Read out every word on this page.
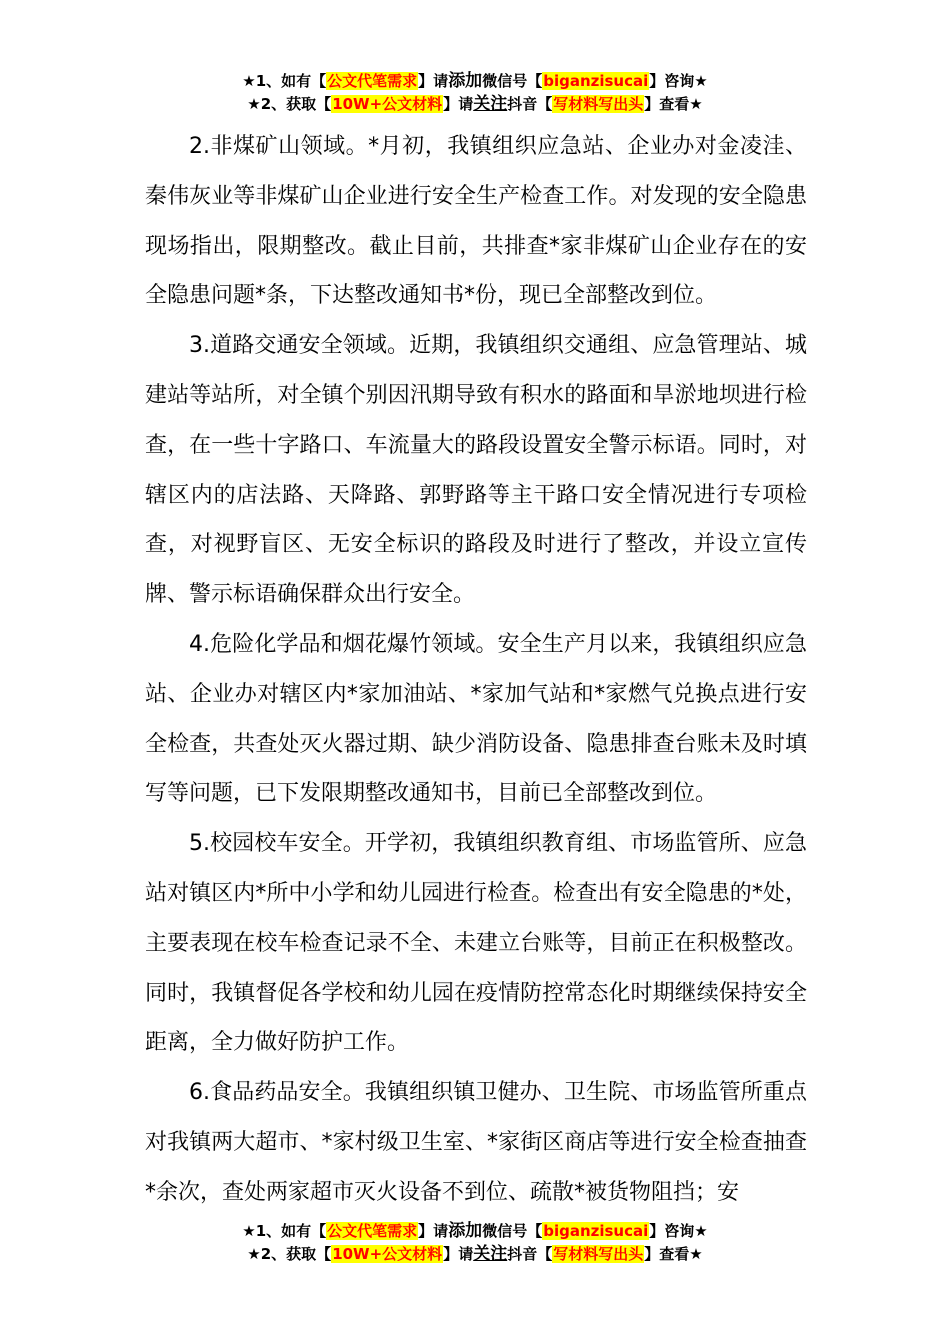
★1、如有【公文代笔需求】请添加微信号【biganzisucai】咨询★
★2、获取【10W+公文材料】请关注抖音【写材料写出头】查看★

2.非煤矿山领域。*月初，我镇组织应急站、企业办对金凌洼、秦伟灰业等非煤矿山企业进行安全生产检查工作。对发现的安全隐患现场指出，限期整改。截止目前，共排查*家非煤矿山企业存在的安全隐患问题*条，下达整改通知书*份，现已全部整改到位。

3.道路交通安全领域。近期，我镇组织交通组、应急管理站、城建站等站所，对全镇个别因汛期导致有积水的路面和旱淤地坝进行检查，在一些十字路口、车流量大的路段设置安全警示标语。同时，对辖区内的店法路、天降路、郭野路等主干路口安全情况进行专项检查，对视野盲区、无安全标识的路段及时进行了整改，并设立宣传牌、警示标语确保群众出行安全。

4.危险化学品和烟花爆竹领域。安全生产月以来，我镇组织应急站、企业办对辖区内*家加油站、*家加气站和*家燃气兑换点进行安全检查，共查处灭火器过期、缺少消防设备、隐患排查台账未及时填写等问题，已下发限期整改通知书，目前已全部整改到位。

5.校园校车安全。开学初，我镇组织教育组、市场监管所、应急站对镇区内*所中小学和幼儿园进行检查。检查出有安全隐患的*处，主要表现在校车检查记录不全、未建立台账等，目前正在积极整改。同时，我镇督促各学校和幼儿园在疫情防控常态化时期继续保持安全距离，全力做好防护工作。

6.食品药品安全。我镇组织镇卫健办、卫生院、市场监管所重点对我镇两大超市、*家村级卫生室、*家街区商店等进行安全检查抽查*余次，查处两家超市灭火设备不到位、疏散*被货物阻挡；安

★1、如有【公文代笔需求】请添加微信号【biganzisucai】咨询★
★2、获取【10W+公文材料】请关注抖音【写材料写出头】查看★
